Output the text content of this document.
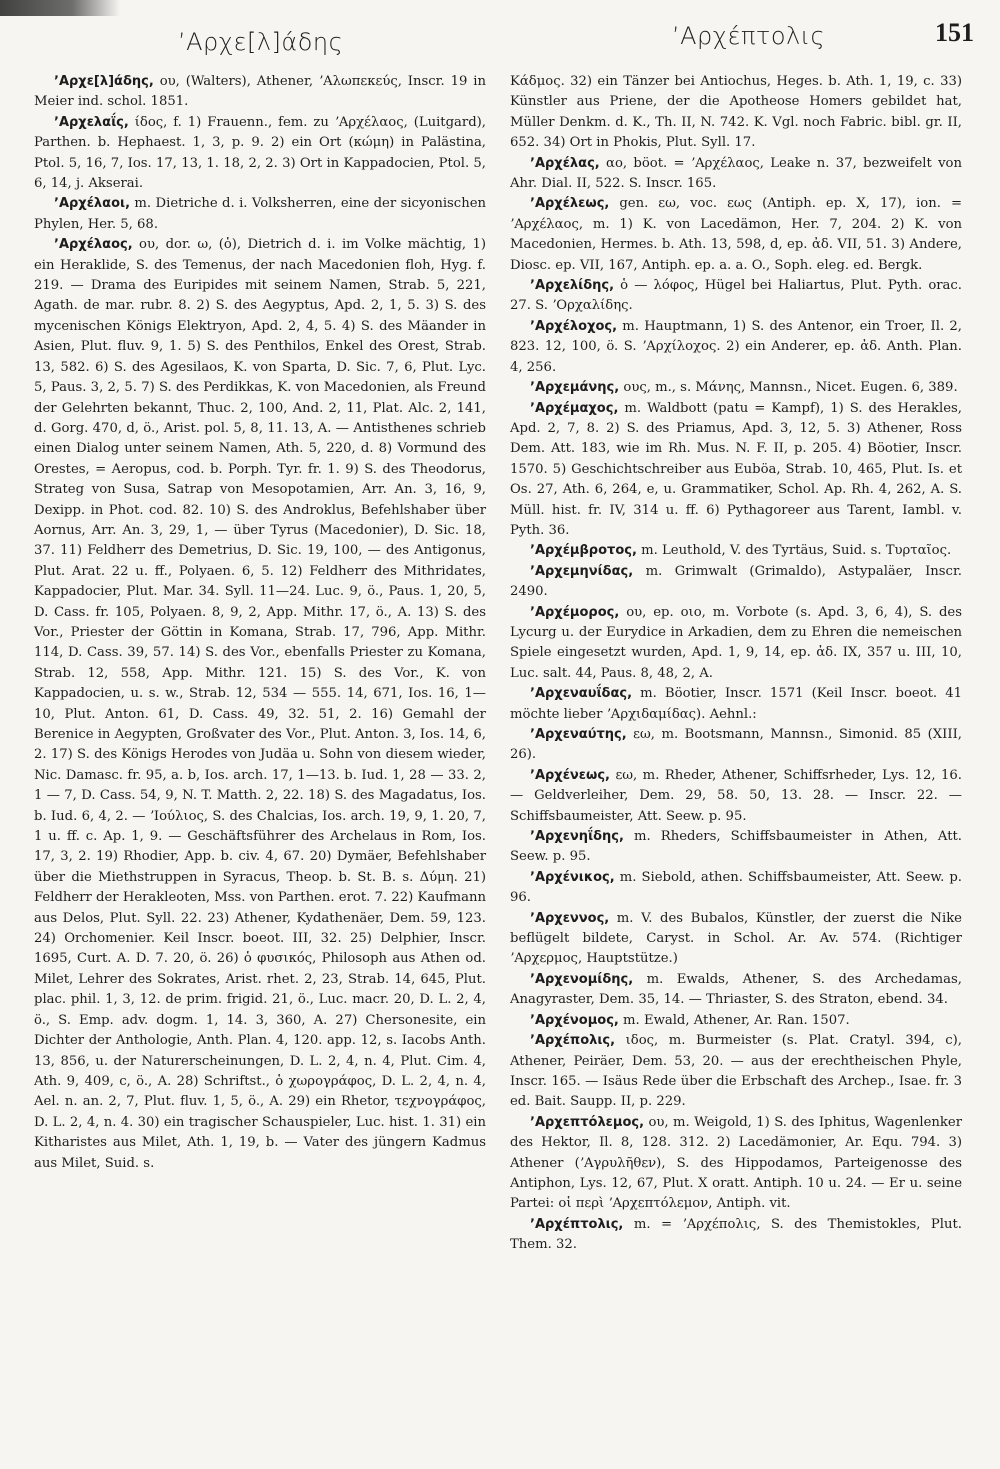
ʼΑρχε[λ]άδης	ʼΑρχέπτολις	151

ʼΑρχε[λ]άδης, ου, (Walters), Athener, ʼΑλωπεκεύς, Inscr. 19 in Meier ind. schol. 1851.

ʼΑρχελαΐς, ίδος, f. 1) Frauenn., fem. zu ʼΑρχέλαος, (Luitgard), Parthen. b. Hephaest. 1, 3, p. 9. 2) ein Ort (κώμη) in Palästina, Ptol. 5, 16, 7, Ios. 17, 13, 1. 18, 2, 2. 3) Ort in Kappadocien, Ptol. 5, 6, 14, j. Akserai.

ʼΑρχέλαοι, m. Dietriche d. i. Volksherren, eine der sicyonischen Phylen, Her. 5, 68.

ʼΑρχέλαος, ου, dor. ω, (ὁ), Dietrich d. i. im Volke mächtig, 1) ein Heraklide, S. des Temenus, der nach Macedonien floh, Hyg. f. 219. — Drama des Euripides mit seinem Namen, Strab. 5, 221, Agath. de mar. rubr. 8. 2) S. des Aegyptus, Apd. 2, 1, 5. 3) S. des mycenischen Königs Elektryon, Apd. 2, 4, 5. 4) S. des Mäander in Asien, Plut. fluv. 9, 1. 5) S. des Penthilos, Enkel des Orest, Strab. 13, 582. 6) S. des Agesilaos, K. von Sparta, D. Sic. 7, 6, Plut. Lyc. 5, Paus. 3, 2, 5. 7) S. des Perdikkas, K. von Macedonien, als Freund der Gelehrten bekannt, Thuc. 2, 100, And. 2, 11, Plat. Alc. 2, 141, d. Gorg. 470, d, ö., Arist. pol. 5, 8, 11. 13, A. — Antisthenes schrieb einen Dialog unter seinem Namen, Ath. 5, 220, d. 8) Vormund des Orestes, = Aeropus, cod. b. Porph. Tyr. fr. 1. 9) S. des Theodorus, Strateg von Susa, Satrap von Mesopotamien, Arr. An. 3, 16, 9, Dexipp. in Phot. cod. 82. 10) S. des Androklus, Befehlshaber über Aornus, Arr. An. 3, 29, 1, — über Tyrus (Macedonier), D. Sic. 18, 37. 11) Feldherr des Demetrius, D. Sic. 19, 100, — des Antigonus, Plut. Arat. 22 u. ff., Polyaen. 6, 5. 12) Feldherr des Mithridates, Kappadocier, Plut. Mar. 34. Syll. 11—24. Luc. 9, ö., Paus. 1, 20, 5, D. Cass. fr. 105, Polyaen. 8, 9, 2, App. Mithr. 17, ö., A. 13) S. des Vor., Priester der Göttin in Komana, Strab. 17, 796, App. Mithr. 114, D. Cass. 39, 57. 14) S. des Vor., ebenfalls Priester zu Komana, Strab. 12, 558, App. Mithr. 121. 15) S. des Vor., K. von Kappadocien, u. s. w., Strab. 12, 534 — 555. 14, 671, Ios. 16, 1—10, Plut. Anton. 61, D. Cass. 49, 32. 51, 2. 16) Gemahl der Berenice in Aegypten, Großvater des Vor., Plut. Anton. 3, Ios. 14, 6, 2. 17) S. des Königs Herodes von Judäa u. Sohn von diesem wieder, Nic. Damasc. fr. 95, a. b, Ios. arch. 17, 1—13. b. Iud. 1, 28 — 33. 2, 1 — 7, D. Cass. 54, 9, N. T. Matth. 2, 22. 18) S. des Magadatus, Ios. b. Iud. 6, 4, 2. — ʼΙούλιος, S. des Chalcias, Ios. arch. 19, 9, 1. 20, 7, 1 u. ff. c. Ap. 1, 9. — Geschäftsführer des Archelaus in Rom, Ios. 17, 3, 2. 19) Rhodier, App. b. civ. 4, 67. 20) Dymäer, Befehlshaber über die Miethstruppen in Syracus, Theop. b. St. B. s. Δύμη. 21) Feldherr der Herakleoten, Mss. von Parthen. erot. 7. 22) Kaufmann aus Delos, Plut. Syll. 22. 23) Athener, Kydathenäer, Dem. 59, 123. 24) Orchomenier. Keil Inscr. boeot. III, 32. 25) Delphier, Inscr. 1695, Curt. A. D. 7. 20, ö. 26) ὁ φυσικός, Philosoph aus Athen od. Milet, Lehrer des Sokrates, Arist. rhet. 2, 23, Strab. 14, 645, Plut. plac. phil. 1, 3, 12. de prim. frigid. 21, ö., Luc. macr. 20, D. L. 2, 4, ö., S. Emp. adv. dogm. 1, 14. 3, 360, A. 27) Chersonesite, ein Dichter der Anthologie, Anth. Plan. 4, 120. app. 12, s. Iacobs Anth. 13, 856, u. der Naturerscheinungen, D. L. 2, 4, n. 4, Plut. Cim. 4, Ath. 9, 409, c, ö., A. 28) Schriftst., ὁ χωρογράφος, D. L. 2, 4, n. 4, Ael. n. an. 2, 7, Plut. fluv. 1, 5, ö., A. 29) ein Rhetor, τεχνογράφος, D. L. 2, 4, n. 4. 30) ein tragischer Schauspieler, Luc. hist. 1. 31) ein Kitharistes aus Milet, Ath. 1, 19, b. — Vater des jüngern Kadmus aus Milet, Suid. s.

Κάδμος. 32) ein Tänzer bei Antiochus, Heges. b. Ath. 1, 19, c. 33) Künstler aus Priene, der die Apotheose Homers gebildet hat, Müller Denkm. d. K., Th. II, N. 742. K. Vgl. noch Fabric. bibl. gr. II, 652. 34) Ort in Phokis, Plut. Syll. 17.

ʼΑρχέλας, αο, böot. = ʼΑρχέλαος, Leake n. 37, bezweifelt von Ahr. Dial. II, 522. S. Inscr. 165.

ʼΑρχέλεως, gen. εω, voc. εως (Antiph. ep. X, 17), ion. = ʼΑρχέλαος, m. 1) K. von Lacedämon, Her. 7, 204. 2) K. von Macedonien, Hermes. b. Ath. 13, 598, d, ep. ἀδ. VII, 51. 3) Andere, Diosc. ep. VII, 167, Antiph. ep. a. a. O., Soph. eleg. ed. Bergk.

ʼΑρχελίδης, ὁ — λόφος, Hügel bei Haliartus, Plut. Pyth. orac. 27. S. ʼΟρχαλίδης.

ʼΑρχέλοχος, m. Hauptmann, 1) S. des Antenor, ein Troer, Il. 2, 823. 12, 100, ö. S. ʼΑρχίλοχος. 2) ein Anderer, ep. ἀδ. Anth. Plan. 4, 256.

ʼΑρχεμάνης, ους, m., s. Μάνης, Mannsn., Nicet. Eugen. 6, 389.

ʼΑρχέμαχος, m. Waldbott (patu = Kampf), 1) S. des Herakles, Apd. 2, 7, 8. 2) S. des Priamus, Apd. 3, 12, 5. 3) Athener, Ross Dem. Att. 183, wie im Rh. Mus. N. F. II, p. 205. 4) Böotier, Inscr. 1570. 5) Geschichtschreiber aus Euböa, Strab. 10, 465, Plut. Is. et Os. 27, Ath. 6, 264, e, u. Grammatiker, Schol. Ap. Rh. 4, 262, A. S. Müll. hist. fr. IV, 314 u. ff. 6) Pythagoreer aus Tarent, Iambl. v. Pyth. 36.

ʼΑρχέμβροτος, m. Leuthold, V. des Tyrtäus, Suid. s. Τυρταῖος.

ʼΑρχεμηνίδας, m. Grimwalt (Grimaldo), Astypaläer, Inscr. 2490.

ʼΑρχέμορος, ου, ep. οιο, m. Vorbote (s. Apd. 3, 6, 4), S. des Lycurg u. der Eurydice in Arkadien, dem zu Ehren die nemeischen Spiele eingesetzt wurden, Apd. 1, 9, 14, ep. ἀδ. IX, 357 u. III, 10, Luc. salt. 44, Paus. 8, 48, 2, A.

ʼΑρχεναυΐδας, m. Böotier, Inscr. 1571 (Keil Inscr. boeot. 41 möchte lieber ʼΑρχιδαμίδας). Aehnl.:

ʼΑρχεναύτης, εω, m. Bootsmann, Mannsn., Simonid. 85 (XIII, 26).

ʼΑρχένεως, εω, m. Rheder, Athener, Schiffsrheder, Lys. 12, 16. — Geldverleiher, Dem. 29, 58. 50, 13. 28. — Inscr. 22. — Schiffsbaumeister, Att. Seew. p. 95.

ʼΑρχενηΐδης, m. Rheders, Schiffsbaumeister in Athen, Att. Seew. p. 95.

ʼΑρχένικος, m. Siebold, athen. Schiffsbaumeister, Att. Seew. p. 96.

ʼΑρχεννος, m. V. des Bubalos, Künstler, der zuerst die Nike beflügelt bildete, Caryst. in Schol. Ar. Av. 574. (Richtiger ʼΑρχερμος, Hauptstütze.)

ʼΑρχενομίδης, m. Ewalds, Athener, S. des Archedamas, Anagyraster, Dem. 35, 14. — Thriaster, S. des Straton, ebend. 34.

ʼΑρχένομος, m. Ewald, Athener, Ar. Ran. 1507.

ʼΑρχέπολις, ιδος, m. Burmeister (s. Plat. Cratyl. 394, c), Athener, Peiräer, Dem. 53, 20. — aus der erechtheischen Phyle, Inscr. 165. — Isäus Rede über die Erbschaft des Archep., Isae. fr. 3 ed. Bait. Saupp. II, p. 229.

ʼΑρχεπτόλεμος, ου, m. Weigold, 1) S. des Iphitus, Wagenlenker des Hektor, Il. 8, 128. 312. 2) Lacedämonier, Ar. Equ. 794. 3) Athener (ʼΑγρυλῆθεν), S. des Hippodamos, Parteigenosse des Antiphon, Lys. 12, 67, Plut. X oratt. Antiph. 10 u. 24. — Er u. seine Partei: οἱ περὶ ʼΑρχεπτόλεμον, Antiph. vit.

ʼΑρχέπτολις, m. = ʼΑρχέπολις, S. des Themistokles, Plut. Them. 32.
